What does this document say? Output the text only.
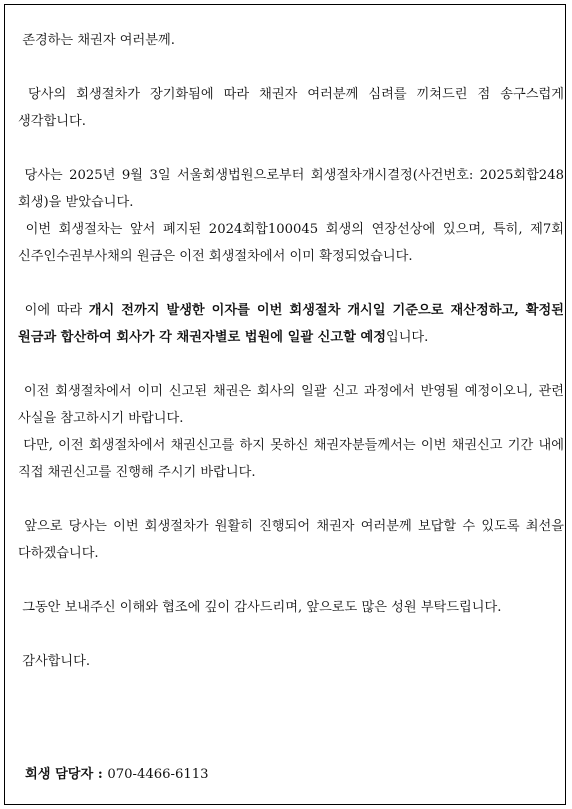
존경하는 채권자 여러분께.

당사의 회생절차가 장기화됨에 따라 채권자 여러분께 심려를 끼쳐드린 점 송구스럽게 생각합니다.

당사는 2025년 9월 3일 서울회생법원으로부터 회생절차개시결정(사건번호: 2025회합248 회생)을 받았습니다.

이번 회생절차는 앞서 폐지된 2024회합100045 회생의 연장선상에 있으며, 특히, 제7회 신주인수권부사채의 원금은 이전 회생절차에서 이미 확정되었습니다.

이에 따라 개시 전까지 발생한 이자를 이번 회생절차 개시일 기준으로 재산정하고, 확정된 원금과 합산하여 회사가 각 채권자별로 법원에 일괄 신고할 예정입니다.

이전 회생절차에서 이미 신고된 채권은 회사의 일괄 신고 과정에서 반영될 예정이오니, 관련 사실을 참고하시기 바랍니다.

다만, 이전 회생절차에서 채권신고를 하지 못하신 채권자분들께서는 이번 채권신고 기간 내에 직접 채권신고를 진행해 주시기 바랍니다.

앞으로 당사는 이번 회생절차가 원활히 진행되어 채권자 여러분께 보답할 수 있도록 최선을 다하겠습니다.

그동안 보내주신 이해와 협조에 깊이 감사드리며, 앞으로도 많은 성원 부탁드립니다.

감사합니다.

회생 담당자 : 070-4466-6113
